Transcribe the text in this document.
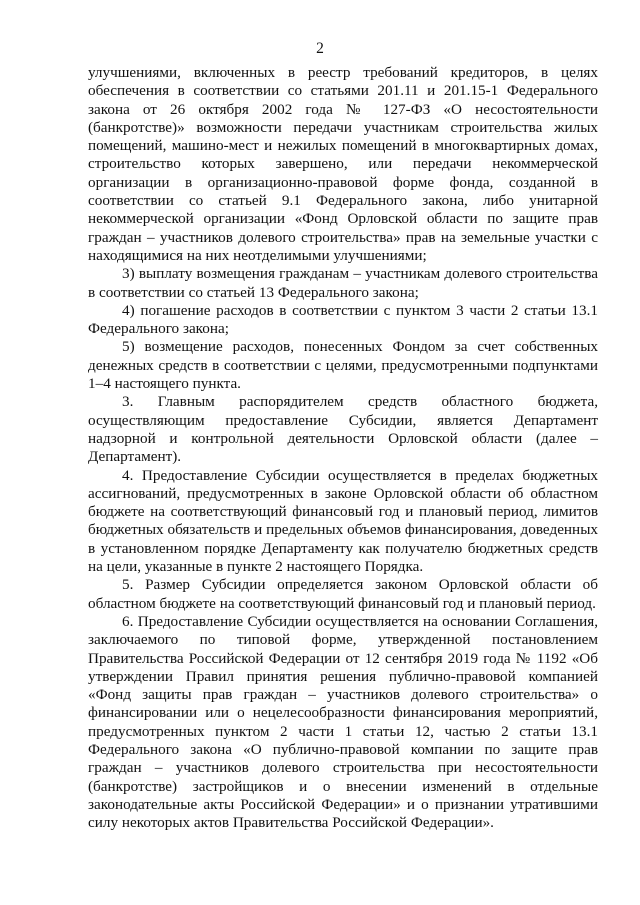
2

улучшениями, включенных в реестр требований кредиторов, в целях обеспечения в соответствии со статьями 201.11 и 201.15-1 Федерального закона от 26 октября 2002 года № 127-ФЗ «О несостоятельности (банкротстве)» возможности передачи участникам строительства жилых помещений, машино-мест и нежилых помещений в многоквартирных домах, строительство которых завершено, или передачи некоммерческой организации в организационно-правовой форме фонда, созданной в соответствии со статьей 9.1 Федерального закона, либо унитарной некоммерческой организации «Фонд Орловской области по защите прав граждан – участников долевого строительства» прав на земельные участки с находящимися на них неотделимыми улучшениями;

3) выплату возмещения гражданам – участникам долевого строительства в соответствии со статьей 13 Федерального закона;

4) погашение расходов в соответствии с пунктом 3 части 2 статьи 13.1 Федерального закона;

5) возмещение расходов, понесенных Фондом за счет собственных денежных средств в соответствии с целями, предусмотренными подпунктами 1–4 настоящего пункта.

3. Главным распорядителем средств областного бюджета, осуществляющим предоставление Субсидии, является Департамент надзорной и контрольной деятельности Орловской области (далее – Департамент).

4. Предоставление Субсидии осуществляется в пределах бюджетных ассигнований, предусмотренных в законе Орловской области об областном бюджете на соответствующий финансовый год и плановый период, лимитов бюджетных обязательств и предельных объемов финансирования, доведенных в установленном порядке Департаменту как получателю бюджетных средств на цели, указанные в пункте 2 настоящего Порядка.

5. Размер Субсидии определяется законом Орловской области об областном бюджете на соответствующий финансовый год и плановый период.

6. Предоставление Субсидии осуществляется на основании Соглашения, заключаемого по типовой форме, утвержденной постановлением Правительства Российской Федерации от 12 сентября 2019 года № 1192 «Об утверждении Правил принятия решения публично-правовой компанией «Фонд защиты прав граждан – участников долевого строительства» о финансировании или о нецелесообразности финансирования мероприятий, предусмотренных пунктом 2 части 1 статьи 12, частью 2 статьи 13.1 Федерального закона «О публично-правовой компании по защите прав граждан – участников долевого строительства при несостоятельности (банкротстве) застройщиков и о внесении изменений в отдельные законодательные акты Российской Федерации» и о признании утратившими силу некоторых актов Правительства Российской Федерации».
